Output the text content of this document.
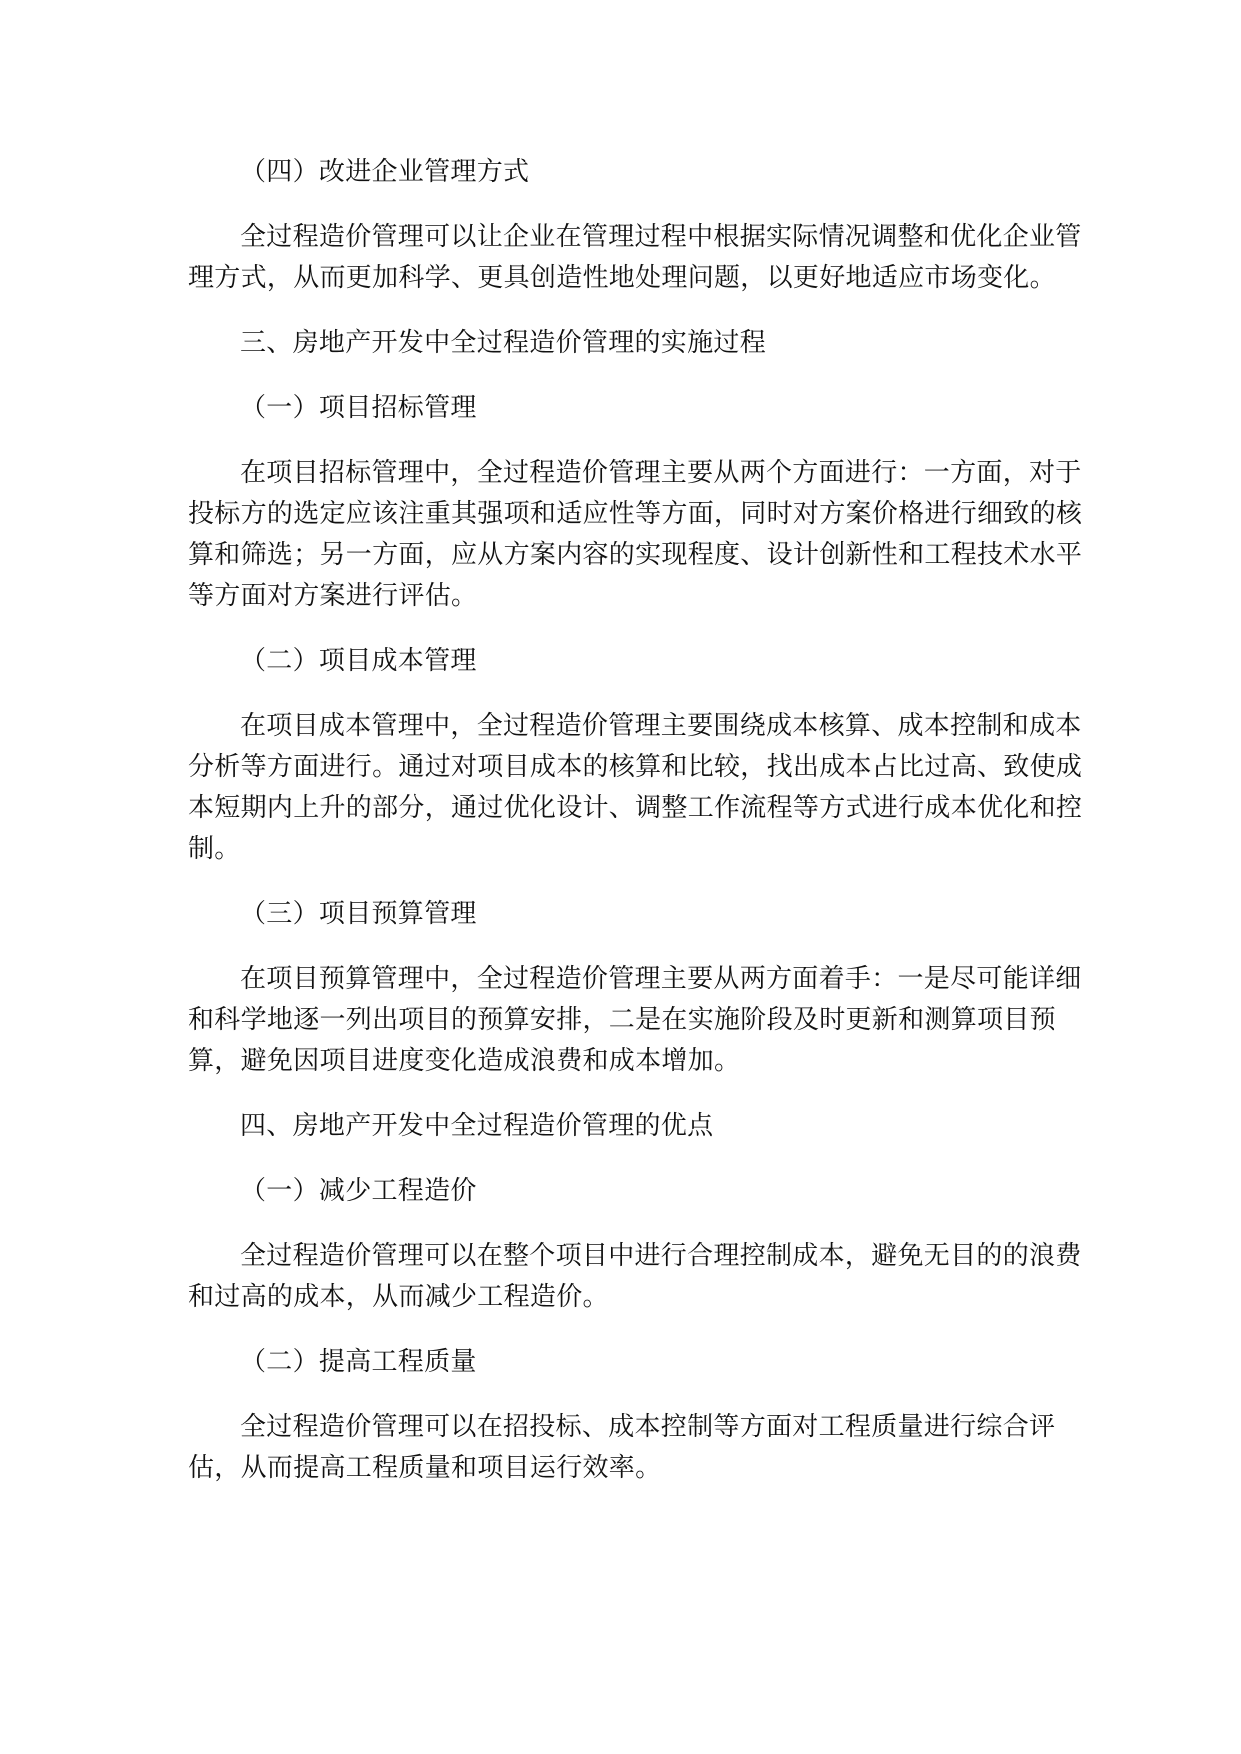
（四）改进企业管理方式
全过程造价管理可以让企业在管理过程中根据实际情况调整和优化企业管理方式，从而更加科学、更具创造性地处理问题，以更好地适应市场变化。
三、房地产开发中全过程造价管理的实施过程
（一）项目招标管理
在项目招标管理中，全过程造价管理主要从两个方面进行：一方面，对于投标方的选定应该注重其强项和适应性等方面，同时对方案价格进行细致的核算和筛选；另一方面，应从方案内容的实现程度、设计创新性和工程技术水平等方面对方案进行评估。
（二）项目成本管理
在项目成本管理中，全过程造价管理主要围绕成本核算、成本控制和成本分析等方面进行。通过对项目成本的核算和比较，找出成本占比过高、致使成本短期内上升的部分，通过优化设计、调整工作流程等方式进行成本优化和控制。
（三）项目预算管理
在项目预算管理中，全过程造价管理主要从两方面着手：一是尽可能详细和科学地逐一列出项目的预算安排，二是在实施阶段及时更新和测算项目预算，避免因项目进度变化造成浪费和成本增加。
四、房地产开发中全过程造价管理的优点
（一）减少工程造价
全过程造价管理可以在整个项目中进行合理控制成本，避免无目的的浪费和过高的成本，从而减少工程造价。
（二）提高工程质量
全过程造价管理可以在招投标、成本控制等方面对工程质量进行综合评估，从而提高工程质量和项目运行效率。
